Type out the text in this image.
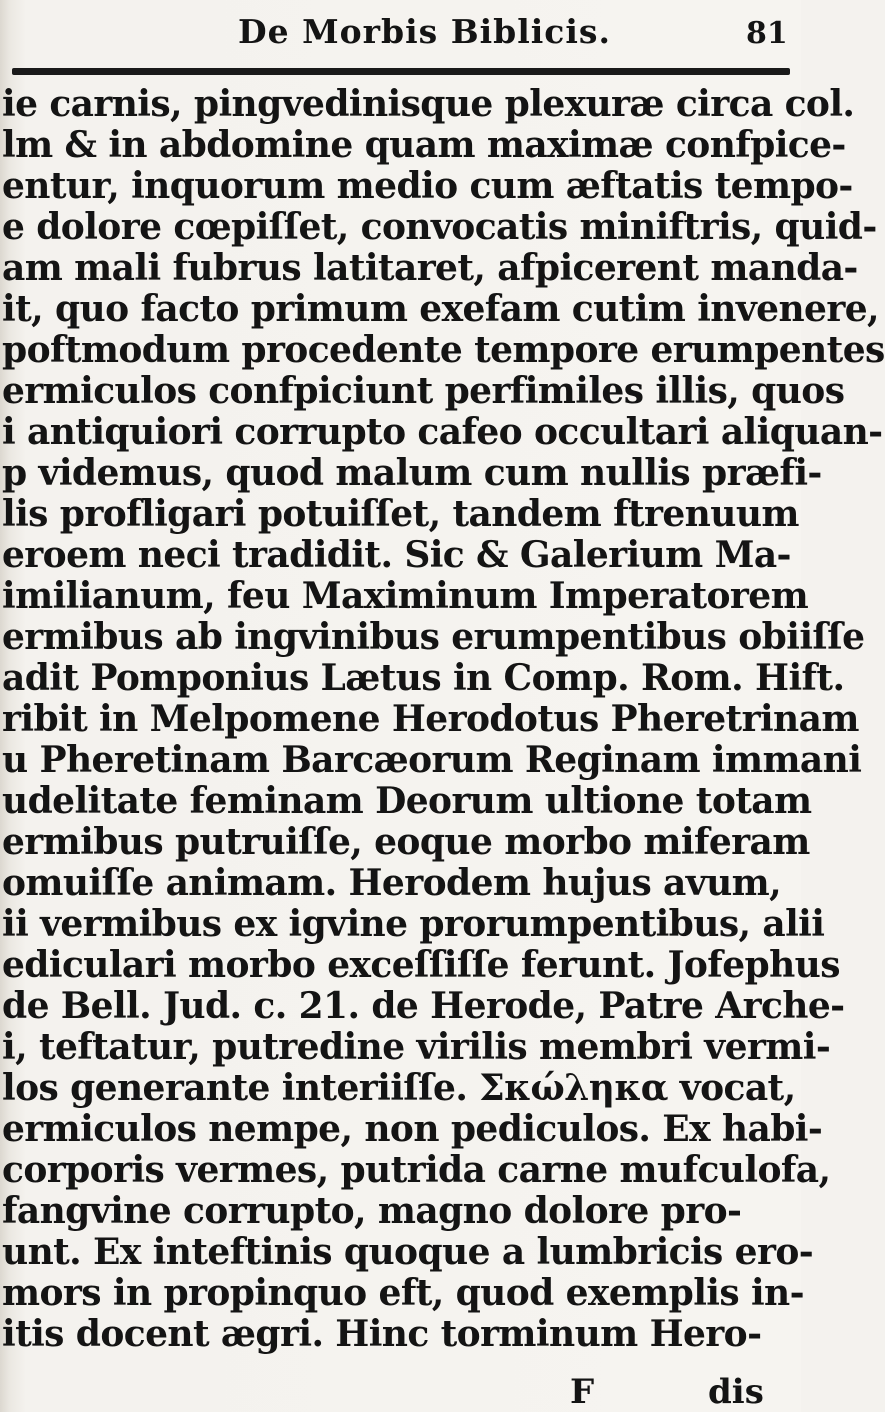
De Morbis Biblicis.	81
ie carnis, pingvedinisque plexuræ circa col.
lm & in abdomine quam maximæ confpice-
entur, inquorum medio cum æftatis tempo-
e dolore cœpiſſet, convocatis miniftris, quid-
am mali fubrus latitaret, afpicerent manda-
it, quo facto primum exefam cutim invenere,
poftmodum procedente tempore erumpentes
ermiculos confpiciunt perfimiles illis, quos
i antiquiori corrupto cafeo occultari aliquan-
p videmus, quod malum cum nullis præfi-
lis profligari potuiſſet, tandem ftrenuum
eroem neci tradidit. Sic & Galerium Ma-
imilianum, feu Maximinum Imperatorem
ermibus ab ingvinibus erumpentibus obiiſſe
adit Pomponius Lætus in Comp. Rom. Hift.
ribit in Melpomene Herodotus Pheretrinam
u Pheretinam Barcæorum Reginam immani
udelitate feminam Deorum ultione totam
ermibus putruiſſe, eoque morbo miferam
omuiſſe animam. Herodem hujus avum,
ii vermibus ex igvine prorumpentibus, alii
ediculari morbo exceſſiſſe ferunt. Jofephus
de Bell. Jud. c. 21. de Herode, Patre Arche-
i, teftatur, putredine virilis membri vermi-
los generante interiiſſe. Σκώληκα vocat,
ermiculos nempe, non pediculos. Ex habi-
corporis vermes, putrida carne mufculofa,
fangvine corrupto, magno dolore pro-
unt. Ex inteftinis quoque a lumbricis ero-
mors in propinquo eft, quod exemplis in-
itis docent ægri. Hinc torminum Hero-
F	dis
